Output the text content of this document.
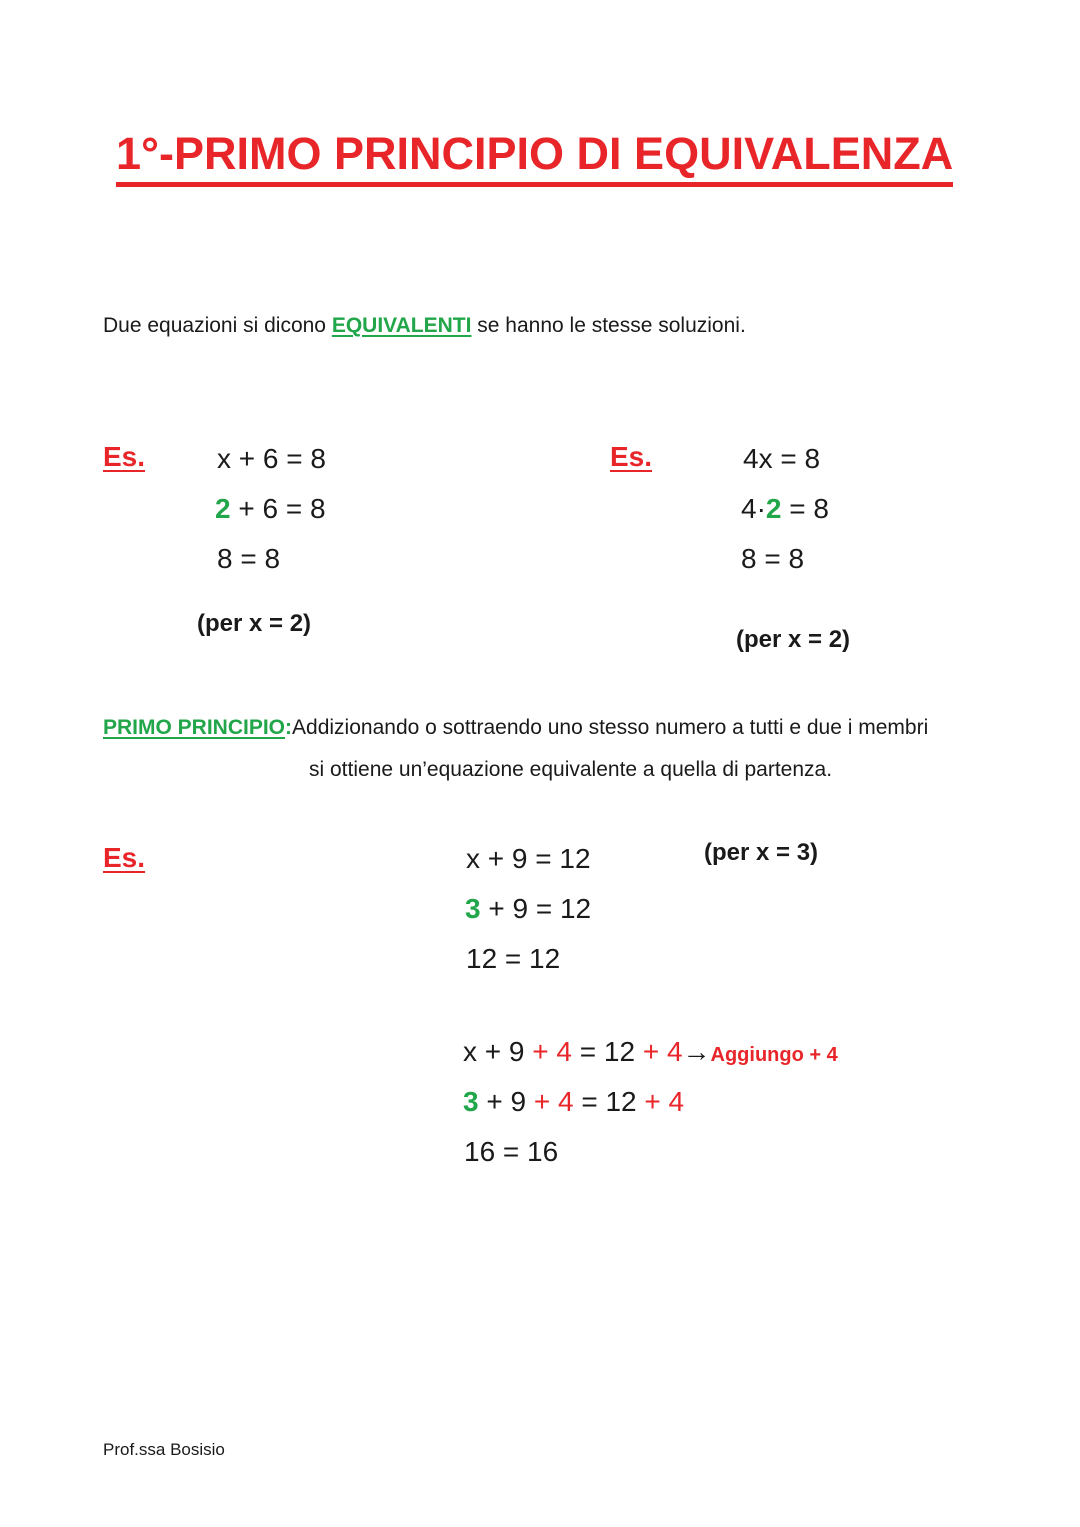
1°-PRIMO PRINCIPIO DI EQUIVALENZA
Due equazioni si dicono EQUIVALENTI se hanno le stesse soluzioni.
Es.	x + 6 = 8
2 + 6 = 8
8 = 8
(per x = 2)
Es.	4x = 8
4·2 = 8
8 = 8
(per x = 2)
PRIMO PRINCIPIO:Addizionando o sottraendo uno stesso numero a tutti e due i membri
si ottiene un’equazione equivalente a quella di partenza.
Es.	x + 9 = 12	(per x = 3)
3 + 9 = 12
12 = 12
x + 9 + 4 = 12 + 4→Aggiungo + 4
3 + 9 + 4 = 12 + 4
16 = 16
Prof.ssa Bosisio
